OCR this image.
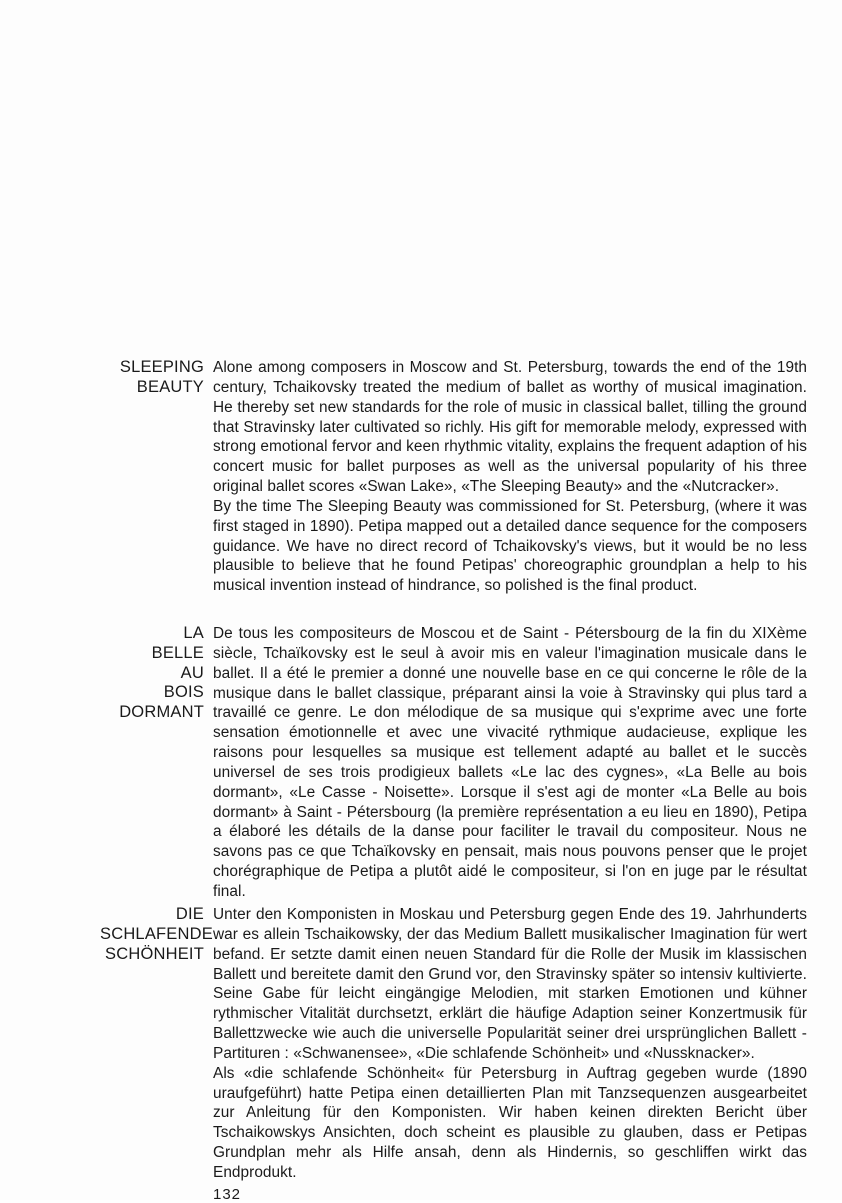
SLEEPING
BEAUTY

Alone among composers in Moscow and St. Petersburg, towards the end of the 19th century, Tchaikovsky treated the medium of ballet as worthy of musical imagination. He thereby set new standards for the role of music in classical ballet, tilling the ground that Stravinsky later cultivated so richly. His gift for memorable melody, expressed with strong emotional fervor and keen rhythmic vitality, explains the frequent adaption of his concert music for ballet purposes as well as the universal popularity of his three original ballet scores «Swan Lake», «The Sleeping Beauty» and the «Nutcracker».

By the time The Sleeping Beauty was commissioned for St. Petersburg, (where it was first staged in 1890). Petipa mapped out a detailed dance sequence for the composers guidance. We have no direct record of Tchaikovsky's views, but it would be no less plausible to believe that he found Petipas' choreographic groundplan a help to his musical invention instead of hindrance, so polished is the final product.

LA
BELLE
AU
BOIS
DORMANT

De tous les compositeurs de Moscou et de Saint - Pétersbourg de la fin du XIXème siècle, Tchaïkovsky est le seul à avoir mis en valeur l'imagination musicale dans le ballet. Il a été le premier a donné une nouvelle base en ce qui concerne le rôle de la musique dans le ballet classique, préparant ainsi la voie à Stravinsky qui plus tard a travaillé ce genre. Le don mélodique de sa musique qui s'exprime avec une forte sensation émotionnelle et avec une vivacité rythmique audacieuse, explique les raisons pour lesquelles sa musique est tellement adapté au ballet et le succès universel de ses trois prodigieux ballets «Le lac des cygnes», «La Belle au bois dormant», «Le Casse - Noisette». Lorsque il s'est agi de monter «La Belle au bois dormant» à Saint - Pétersbourg (la première représentation a eu lieu en 1890), Petipa a élaboré les détails de la danse pour faciliter le travail du compositeur. Nous ne savons pas ce que Tchaïkovsky en pensait, mais nous pouvons penser que le projet chorégraphique de Petipa a plutôt aidé le compositeur, si l'on en juge par le résultat final.

DIE
SCHLAFENDE
SCHÖNHEIT

Unter den Komponisten in Moskau und Petersburg gegen Ende des 19. Jahrhunderts war es allein Tschaikowsky, der das Medium Ballett musikalischer Imagination für wert befand. Er setzte damit einen neuen Standard für die Rolle der Musik im klassischen Ballett und bereitete damit den Grund vor, den Stravinsky später so intensiv kultivierte. Seine Gabe für leicht eingängige Melodien, mit starken Emotionen und kühner rythmischer Vitalität durchsetzt, erklärt die häufige Adaption seiner Konzertmusik für Ballettzwecke wie auch die universelle Popularität seiner drei ursprünglichen Ballett - Partituren : «Schwanensee», «Die schlafende Schönheit» und «Nussknacker».

Als «die schlafende Schönheit« für Petersburg in Auftrag gegeben wurde (1890 uraufgeführt) hatte Petipa einen detaillierten Plan mit Tanzsequenzen ausgearbeitet zur Anleitung für den Komponisten. Wir haben keinen direkten Bericht über Tschaikowskys Ansichten, doch scheint es plausible zu glauben, dass er Petipas Grundplan mehr als Hilfe ansah, denn als Hindernis, so geschliffen wirkt das Endprodukt.

132
